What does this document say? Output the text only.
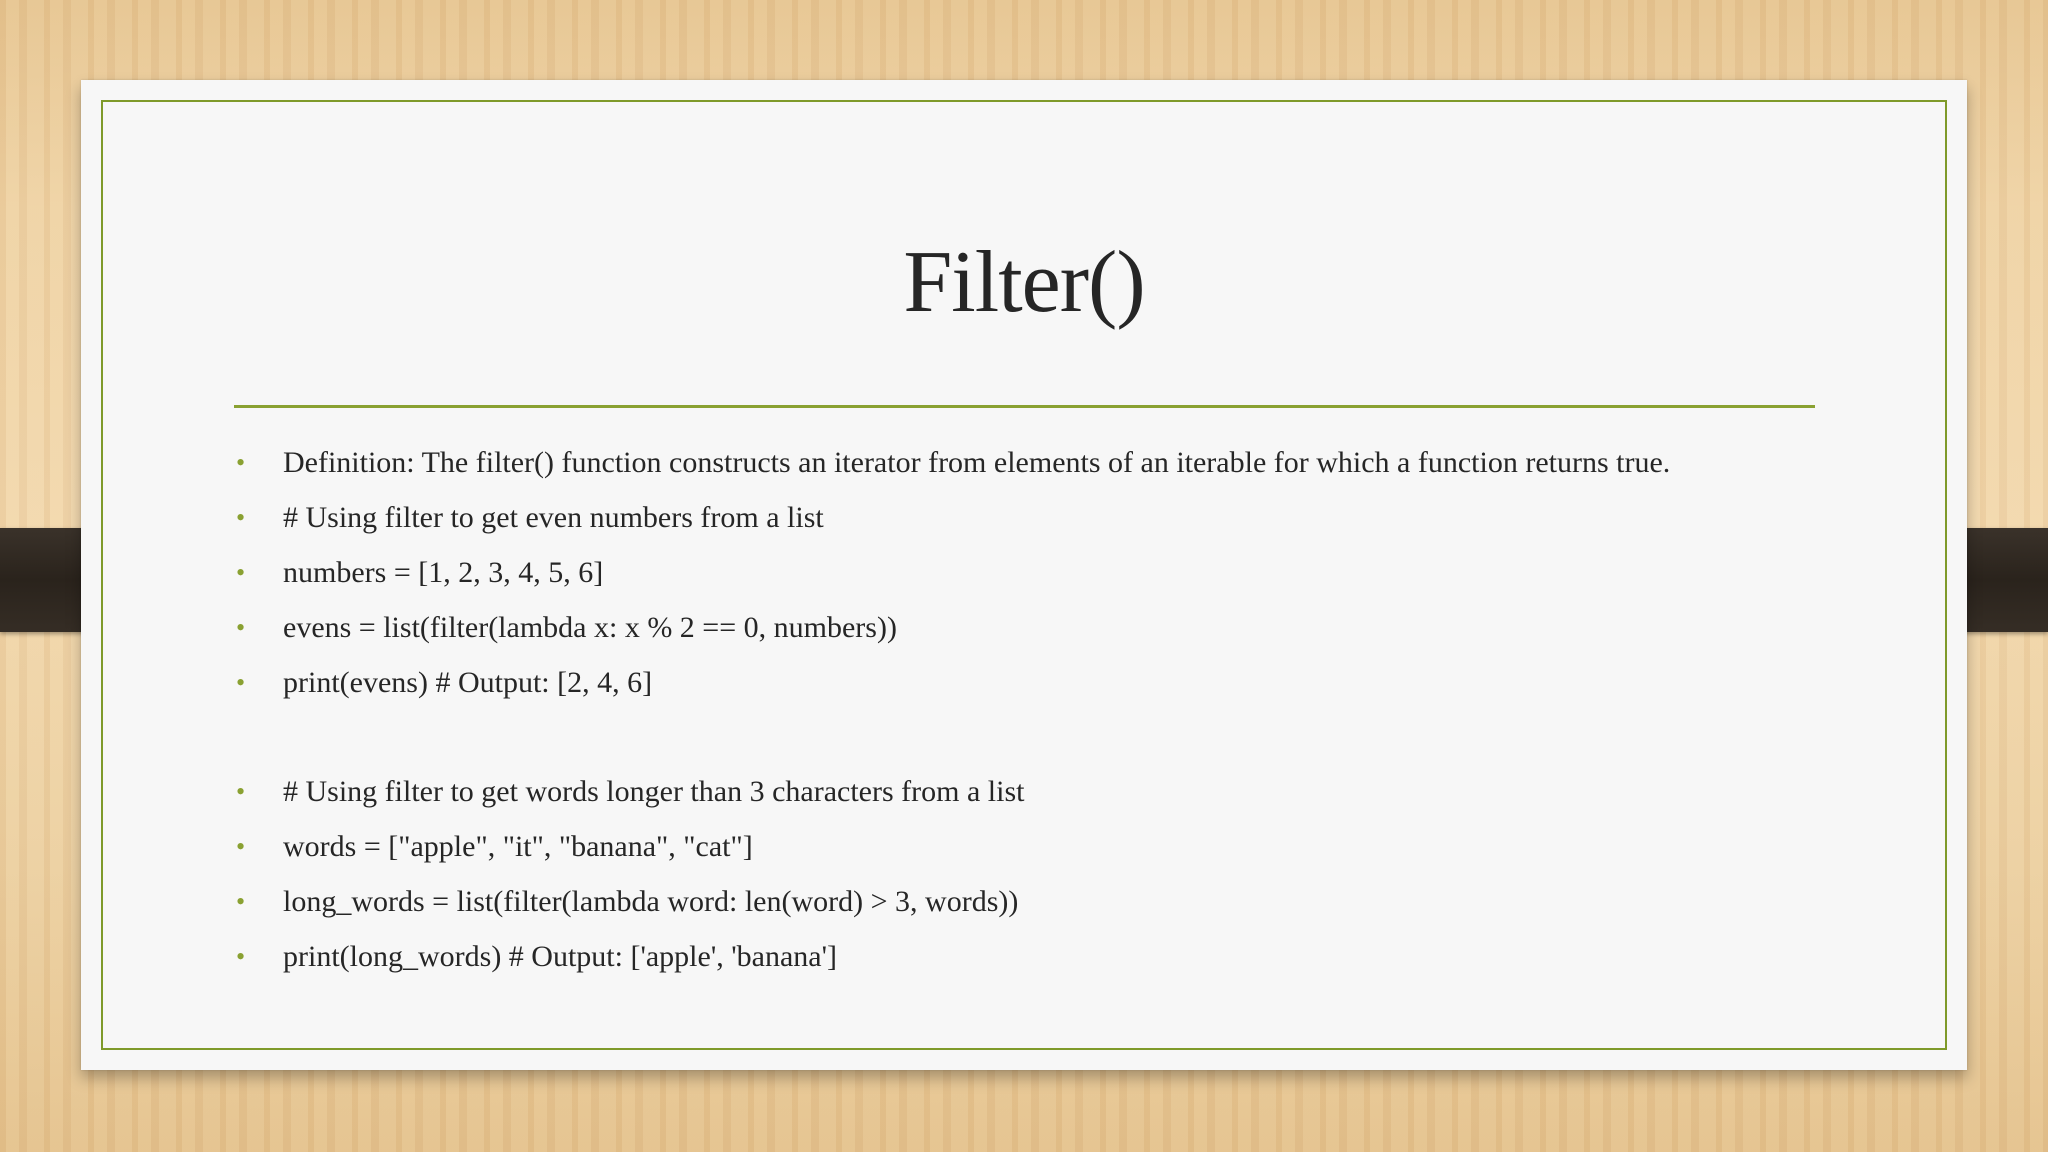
Filter()
• Definition: The filter() function constructs an iterator from elements of an iterable for which a function returns true.
• # Using filter to get even numbers from a list
• numbers = [1, 2, 3, 4, 5, 6]
• evens = list(filter(lambda x: x % 2 == 0, numbers))
• print(evens) # Output: [2, 4, 6]
• # Using filter to get words longer than 3 characters from a list
• words = ["apple", "it", "banana", "cat"]
• long_words = list(filter(lambda word: len(word) > 3, words))
• print(long_words) # Output: ['apple', 'banana']
